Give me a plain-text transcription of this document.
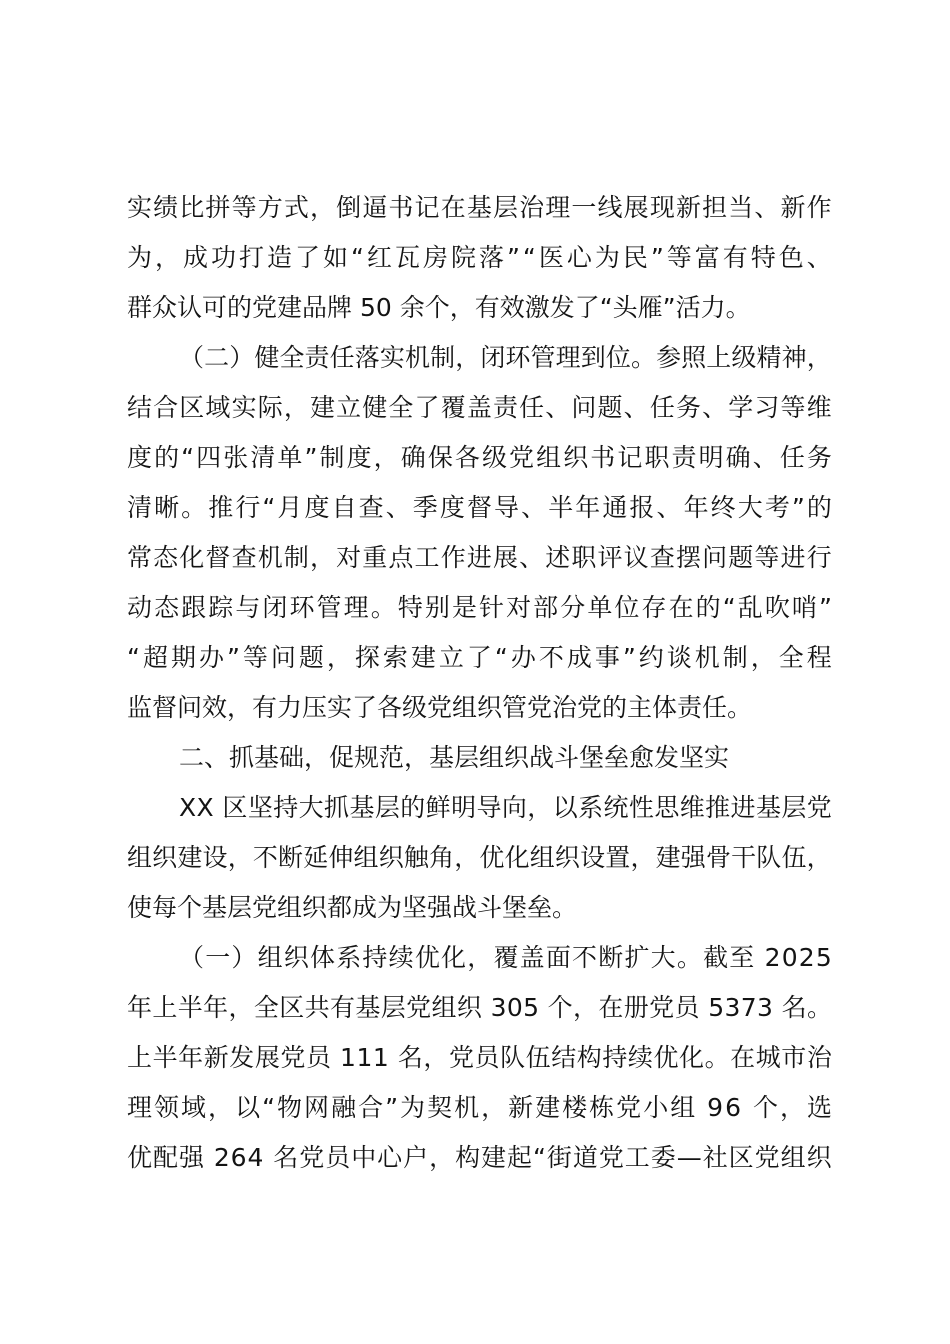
实 绩 比 拼 等 方 式 ， 倒 逼 书 记 在 基 层 治 理 一 线 展 现 新 担 当 、 新 作
为 ， 成 功 打 造 了 如 “ 红 瓦 房 院 落 ” “ 医 心 为 民 ” 等 富 有 特 色 、
群众认可的党建品牌 50 余个，有效激发了“头雁”活力。
（ 二 ） 健 全 责 任 落 实 机 制 ， 闭 环 管 理 到 位 。 参 照 上 级 精 神 ，
结 合 区 域 实 际 ， 建 立 健 全 了 覆 盖 责 任 、 问 题 、 任 务 、 学 习 等 维
度 的 “ 四 张 清 单 ” 制 度 ， 确 保 各 级 党 组 织 书 记 职 责 明 确 、 任 务
清 晰 。 推 行 “ 月 度 自 查 、 季 度 督 导 、 半 年 通 报 、 年 终 大 考 ” 的
常 态 化 督 查 机 制 ， 对 重 点 工 作 进 展 、 述 职 评 议 查 摆 问 题 等 进 行
动 态 跟 踪 与 闭 环 管 理 。 特 别 是 针 对 部 分 单 位 存 在 的 “ 乱 吹 哨 ”
“ 超 期 办 ” 等 问 题 ， 探 索 建 立 了 “ 办 不 成 事 ” 约 谈 机 制 ， 全 程
监督问效，有力压实了各级党组织管党治党的主体责任。
二、抓基础，促规范，基层组织战斗堡垒愈发坚实
X X
区 坚 持 大 抓 基 层 的 鲜 明 导 向 ， 以 系 统 性 思 维 推 进 基 层 党
组 织 建 设 ， 不 断 延 伸 组 织 触 角 ， 优 化 组 织 设 置 ， 建 强 骨 干 队 伍 ，
使每个基层党组织都成为坚强战斗堡垒。
（ 一 ） 组 织 体 系 持 续 优 化 ， 覆 盖 面 不 断 扩 大 。 截 至
2 0 2 5
年 上 半 年 ， 全 区 共 有 基 层 党 组 织
3 0 5
个 ， 在 册 党 员
5 3 7 3
名 。
上 半 年 新 发 展 党 员
1 1 1
名 ， 党 员 队 伍 结 构 持 续 优 化 。 在 城 市 治
理 领 域 ， 以 “ 物 网 融 合 ” 为 契 机 ， 新 建 楼 栋 党 小 组
9 6
个 ， 选
优 配 强
2 6 4
名 党 员 中 心 户 ， 构 建 起 “ 街 道 党 工 委 — 社 区 党 组 织
